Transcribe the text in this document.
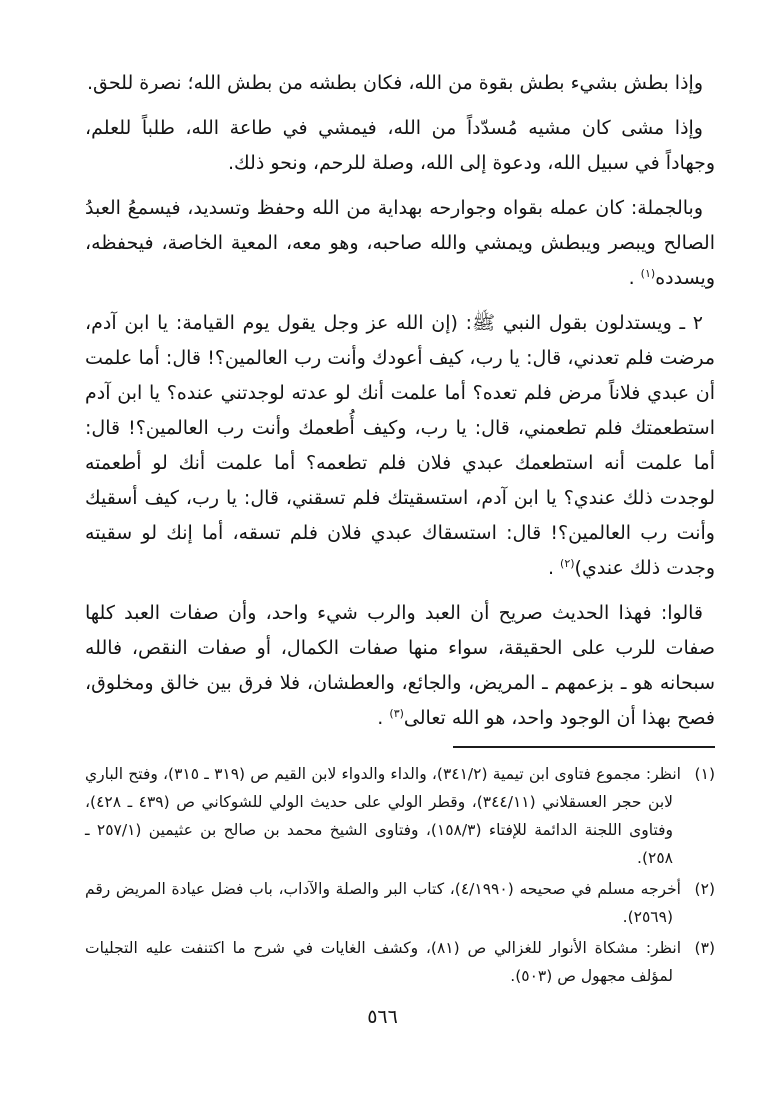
وإذا بطش بشيء بطش بقوة من الله، فكان بطشه من بطش الله؛ نصرة للحق.

وإذا مشى كان مشيه مُسدّداً من الله، فيمشي في طاعة الله، طلباً للعلم، وجهاداً في سبيل الله، ودعوة إلى الله، وصلة للرحم، ونحو ذلك.

وبالجملة: كان عمله بقواه وجوارحه بهداية من الله وحفظ وتسديد، فيسمعُ العبدُ الصالح ويبصر ويبطش ويمشي والله صاحبه، وهو معه، المعية الخاصة، فيحفظه، ويسدده$^{(١)}$ .

٢ ـ ويستدلون بقول النبي ﷺ: (إن الله عز وجل يقول يوم القيامة: يا ابن آدم، مرضت فلم تعدني، قال: يا رب، كيف أعودك وأنت رب العالمين؟! قال: أما علمت أن عبدي فلاناً مرض فلم تعده؟ أما علمت أنك لو عدته لوجدتني عنده؟ يا ابن آدم استطعمتك فلم تطعمني، قال: يا رب، وكيف أُطعمك وأنت رب العالمين؟! قال: أما علمت أنه استطعمك عبدي فلان فلم تطعمه؟ أما علمت أنك لو أطعمته لوجدت ذلك عندي؟ يا ابن آدم، استسقيتك فلم تسقني، قال: يا رب، كيف أسقيك وأنت رب العالمين؟! قال: استسقاك عبدي فلان فلم تسقه، أما إنك لو سقيته وجدت ذلك عندي)$^{(٢)}$ .

قالوا: فهذا الحديث صريح أن العبد والرب شيء واحد، وأن صفات العبد كلها صفات للرب على الحقيقة، سواء منها صفات الكمال، أو صفات النقص، فالله سبحانه هو ـ بزعمهم ـ المريض، والجائع، والعطشان، فلا فرق بين خالق ومخلوق، فصح بهذا أن الوجود واحد، هو الله تعالى$^{(٣)}$ .

(١)انظر: مجموع فتاوى ابن تيمية (٣٤١/٢)، والداء والدواء لابن القيم ص (٣١٩ ـ ٣١٥)، وفتح الباري لابن حجر العسقلاني (٣٤٤/١١)، وقطر الولي على حديث الولي للشوكاني ص (٤٣٩ ـ ٤٢٨)، وفتاوى اللجنة الدائمة للإفتاء (١٥٨/٣)، وفتاوى الشيخ محمد بن صالح بن عثيمين (٢٥٧/١ ـ ٢٥٨).

(٢)أخرجه مسلم في صحيحه (٤/١٩٩٠)، كتاب البر والصلة والآداب، باب فضل عيادة المريض رقم (٢٥٦٩).

(٣)انظر: مشكاة الأنوار للغزالي ص (٨١)، وكشف الغايات في شرح ما اكتنفت عليه التجليات لمؤلف مجهول ص (٥٠٣).

٥٦٦
